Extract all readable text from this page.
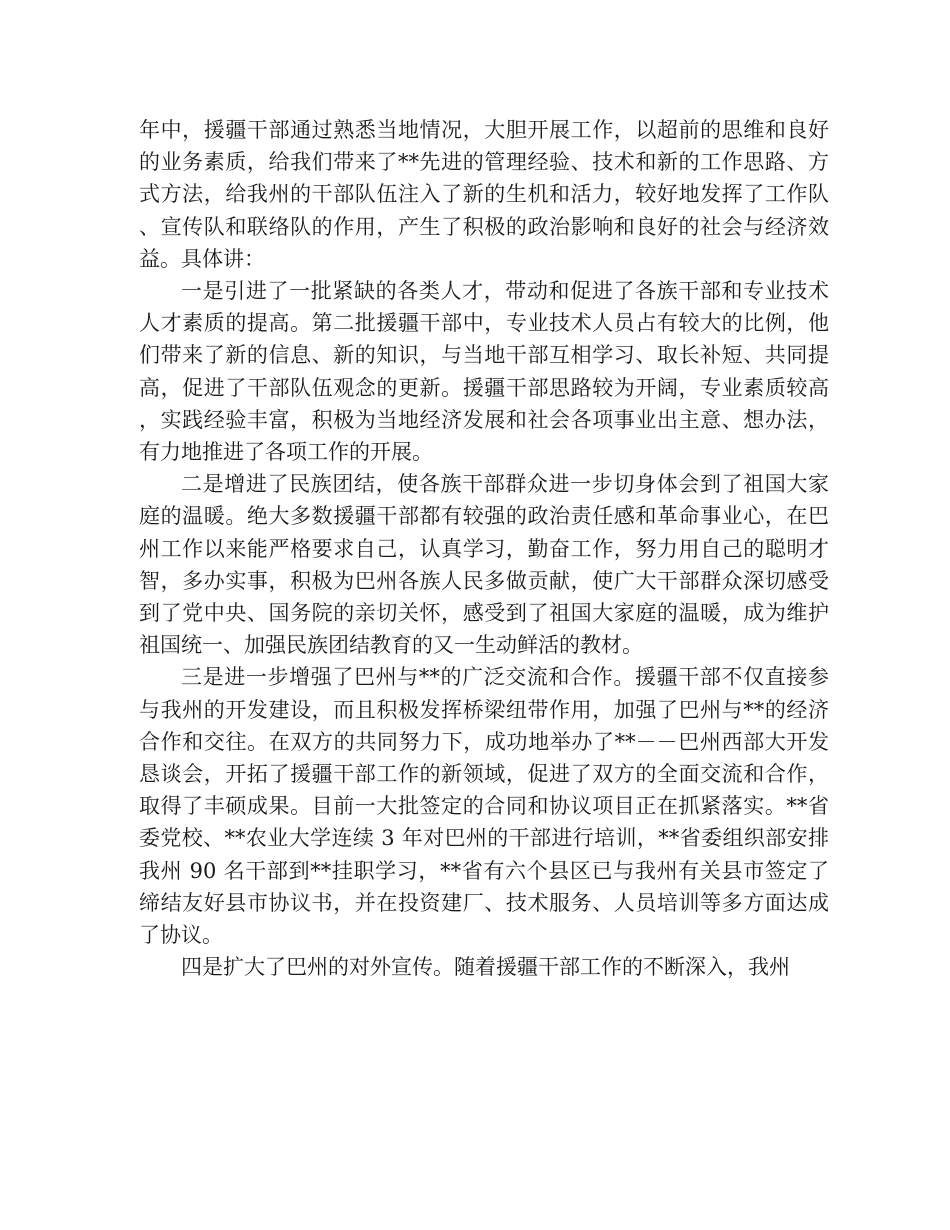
年中，援疆干部通过熟悉当地情况，大胆开展工作，以超前的思维和良好的业务素质，给我们带来了**先进的管理经验、技术和新的工作思路、方式方法，给我州的干部队伍注入了新的生机和活力，较好地发挥了工作队、宣传队和联络队的作用，产生了积极的政治影响和良好的社会与经济效益。具体讲：

一是引进了一批紧缺的各类人才，带动和促进了各族干部和专业技术人才素质的提高。第二批援疆干部中，专业技术人员占有较大的比例，他们带来了新的信息、新的知识，与当地干部互相学习、取长补短、共同提高，促进了干部队伍观念的更新。援疆干部思路较为开阔，专业素质较高，实践经验丰富，积极为当地经济发展和社会各项事业出主意、想办法，有力地推进了各项工作的开展。

二是增进了民族团结，使各族干部群众进一步切身体会到了祖国大家庭的温暖。绝大多数援疆干部都有较强的政治责任感和革命事业心，在巴州工作以来能严格要求自己，认真学习，勤奋工作，努力用自己的聪明才智，多办实事，积极为巴州各族人民多做贡献，使广大干部群众深切感受到了党中央、国务院的亲切关怀，感受到了祖国大家庭的温暖，成为维护祖国统一、加强民族团结教育的又一生动鲜活的教材。

三是进一步增强了巴州与**的广泛交流和合作。援疆干部不仅直接参与我州的开发建设，而且积极发挥桥梁纽带作用，加强了巴州与**的经济合作和交往。在双方的共同努力下，成功地举办了**－－巴州西部大开发恳谈会，开拓了援疆干部工作的新领域，促进了双方的全面交流和合作，取得了丰硕成果。目前一大批签定的合同和协议项目正在抓紧落实。**省委党校、**农业大学连续 3 年对巴州的干部进行培训，**省委组织部安排我州 90 名干部到**挂职学习，**省有六个县区已与我州有关县市签定了缔结友好县市协议书，并在投资建厂、技术服务、人员培训等多方面达成了协议。

四是扩大了巴州的对外宣传。随着援疆干部工作的不断深入，我州
